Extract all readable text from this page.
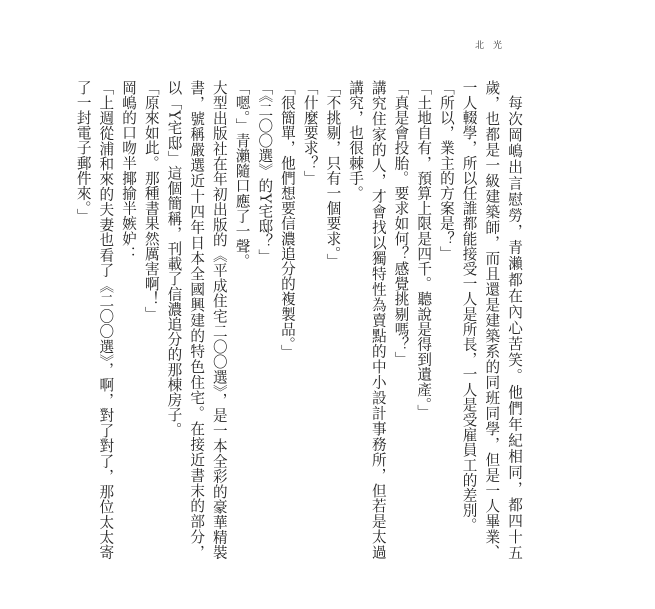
北 光

每次岡嶋出言慰勞，青瀨都在內心苦笑。他們年紀相同，都四十五歲，也都是一級建築師，而且還是建築系的同班同學，但是一人畢業、一人輟學，所以任誰都能接受一人是所長，一人是受雇員工的差別。

「所以，業主的方案是？」

「土地自有，預算上限是四千。聽說是得到遺產。」

「真是會投胎。要求如何？感覺挑剔嗎？」

講究住家的人，才會找以獨特性為賣點的中小設計事務所，但若是太過講究，也很棘手。

「不挑剔，只有一個要求。」

「什麼要求？」

「很簡單，他們想要信濃追分的複製品。」

「《二〇〇選》的Y宅邸？」

「嗯。」青瀨隨口應了一聲。

大型出版社在年初出版的《平成住宅二〇〇選》，是一本全彩的豪華精裝書，號稱嚴選近十四年日本全國興建的特色住宅。在接近書末的部分，以「Y宅邸」這個簡稱，刊載了信濃追分的那棟房子。

「原來如此。那種書果然厲害啊！」

岡嶋的口吻半揶揄半嫉妒：

「上週從浦和來的夫妻也看了《二〇〇選》，啊，對了對了，那位太太寄了一封電子郵件來。」
